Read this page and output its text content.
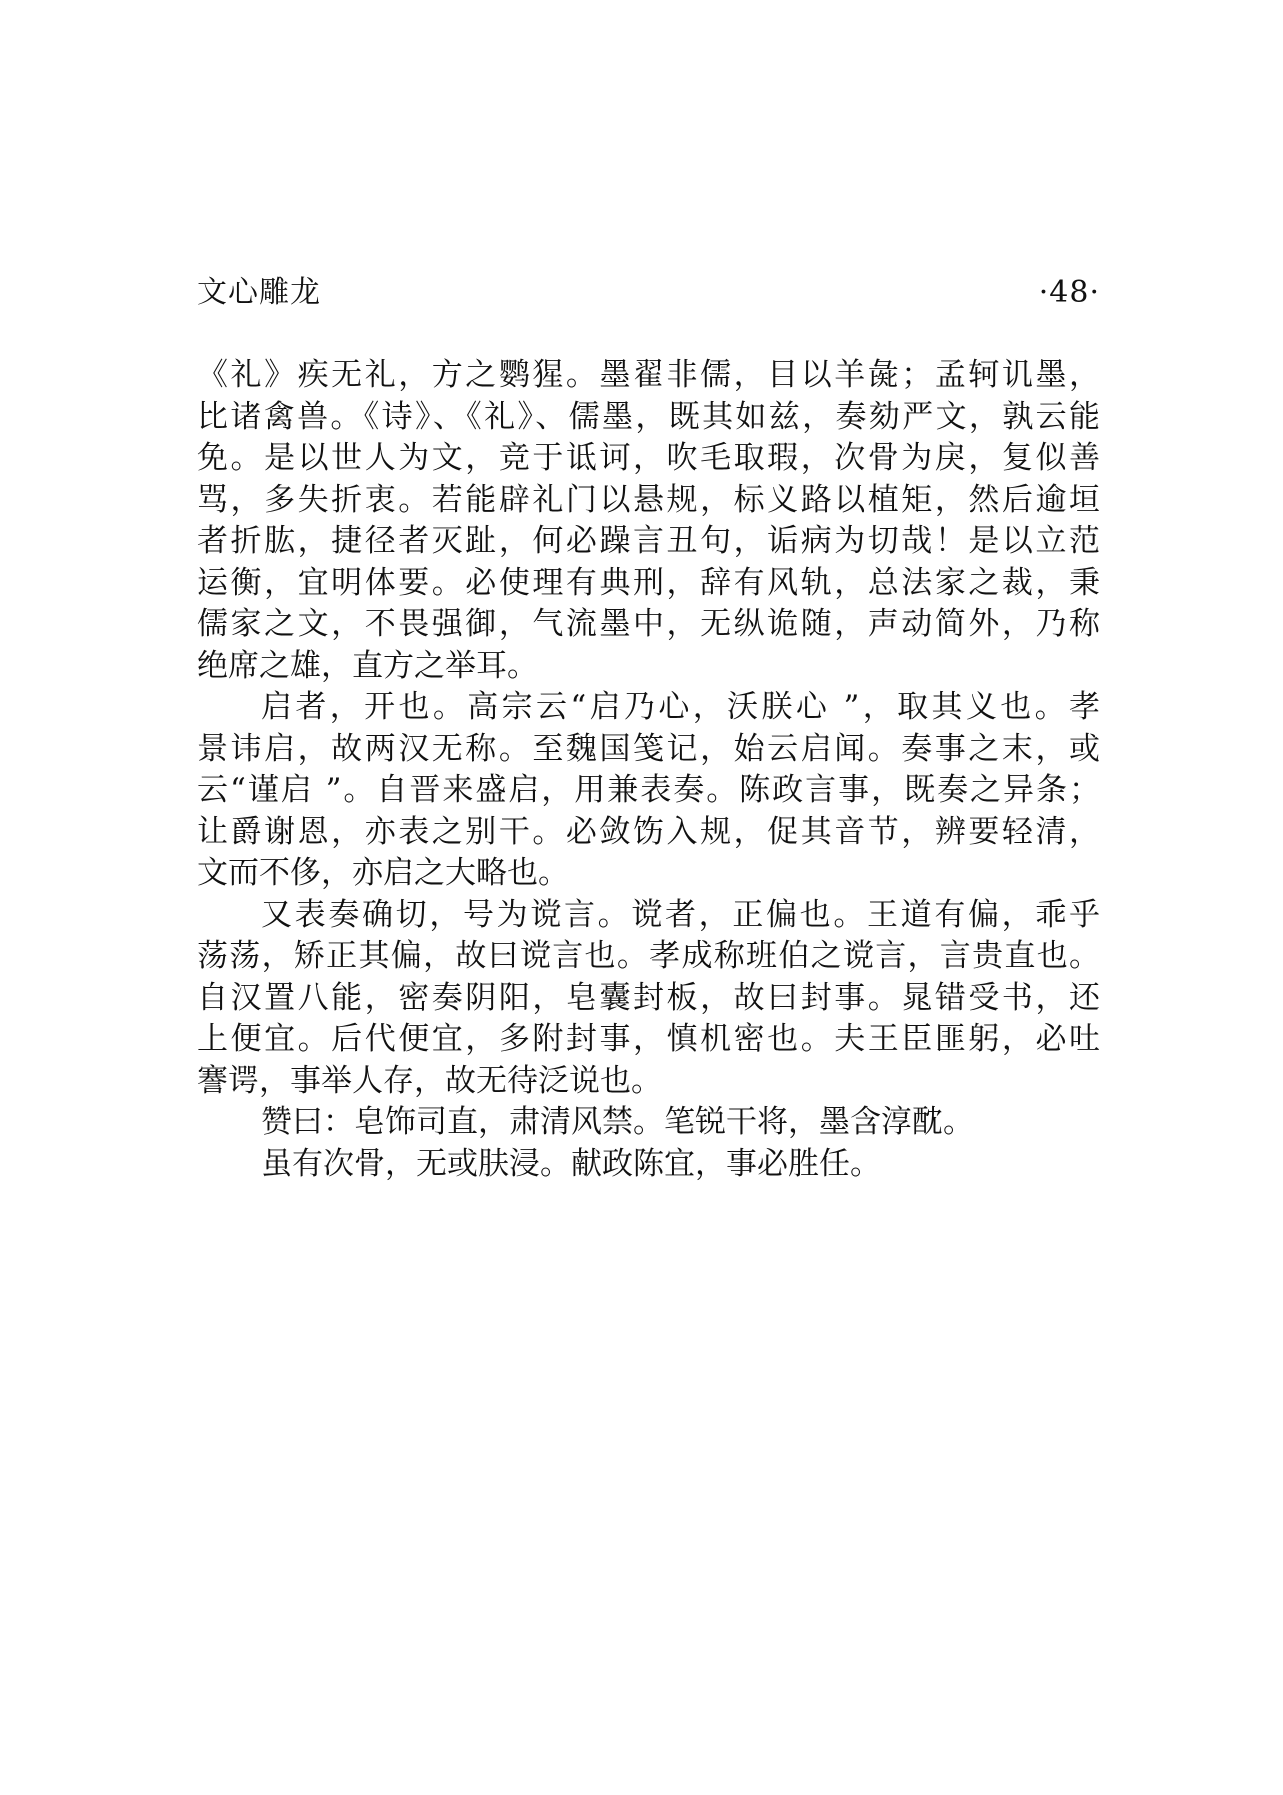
文心雕龙	·48·
《礼》疾无礼，方之鹦猩。墨翟非儒，目以羊彘；孟轲讥墨，
比诸禽兽。《诗》、《礼》、儒墨，既其如兹，奏劾严文，孰云能
免。是以世人为文，竞于诋诃，吹毛取瑕，次骨为戾，复似善
骂，多失折衷。若能辟礼门以悬规，标义路以植矩，然后逾垣
者折肱，捷径者灭趾，何必躁言丑句，诟病为切哉！是以立范
运衡，宜明体要。必使理有典刑，辞有风轨，总法家之裁，秉
儒家之文，不畏强御，气流墨中，无纵诡随，声动简外，乃称
绝席之雄，直方之举耳。
启者，开也。高宗云“启乃心，沃朕心 ”，取其义也。孝
景讳启，故两汉无称。至魏国笺记，始云启闻。奏事之末，或
云“谨启 ”。自晋来盛启，用兼表奏。陈政言事，既奏之异条；
让爵谢恩，亦表之别干。必敛饬入规，促其音节，辨要轻清，
文而不侈，亦启之大略也。
又表奏确切，号为谠言。谠者，正偏也。王道有偏，乖乎
荡荡，矫正其偏，故曰谠言也。孝成称班伯之谠言，言贵直也。
自汉置八能，密奏阴阳，皂囊封板，故曰封事。晁错受书，还
上便宜。后代便宜，多附封事，慎机密也。夫王臣匪躬，必吐
謇谔，事举人存，故无待泛说也。
赞曰：皂饰司直，肃清风禁。笔锐干将，墨含淳酖。
虽有次骨，无或肤浸。献政陈宜，事必胜任。
